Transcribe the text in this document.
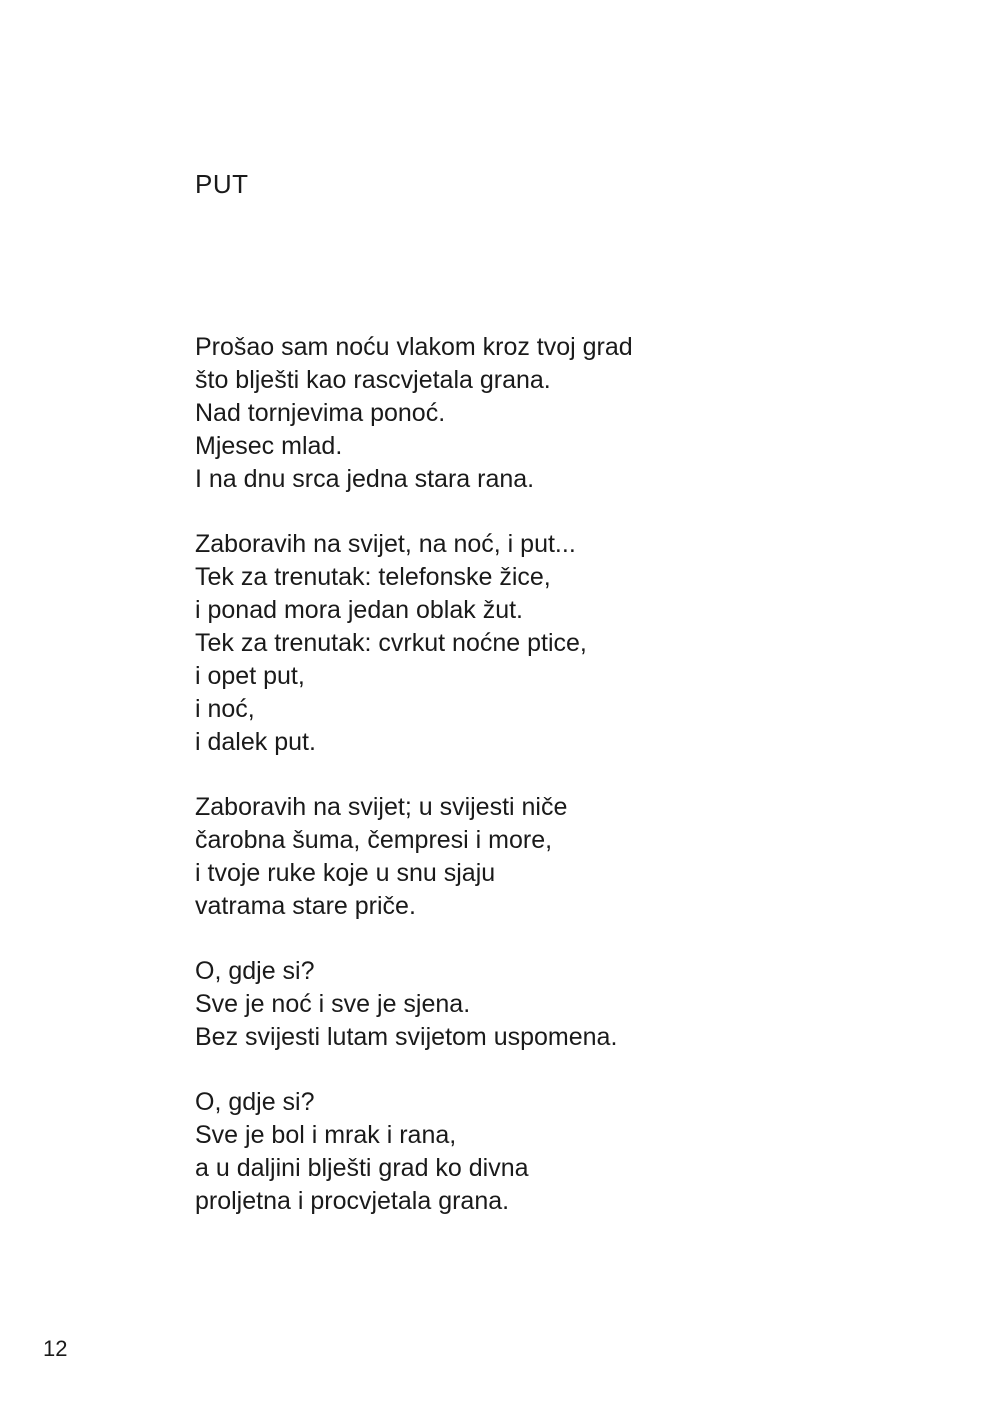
PUT
Prošao sam noću vlakom kroz tvoj grad
što blješti kao rascvjetala grana.
Nad tornjevima ponoć.
Mjesec mlad.
I na dnu srca jedna stara rana.
Zaboravih na svijet, na noć, i put...
Tek za trenutak: telefonske žice,
i ponad mora jedan oblak žut.
Tek za trenutak: cvrkut noćne ptice,
i opet put,
i noć,
i dalek put.
Zaboravih na svijet; u svijesti niče
čarobna šuma, čempresi i more,
i tvoje ruke koje u snu sjaju
vatrama stare priče.
O, gdje si?
Sve je noć i sve je sjena.
Bez svijesti lutam svijetom uspomena.
O, gdje si?
Sve je bol i mrak i rana,
a u daljini blješti grad ko divna
proljetna i procvjetala grana.
12
